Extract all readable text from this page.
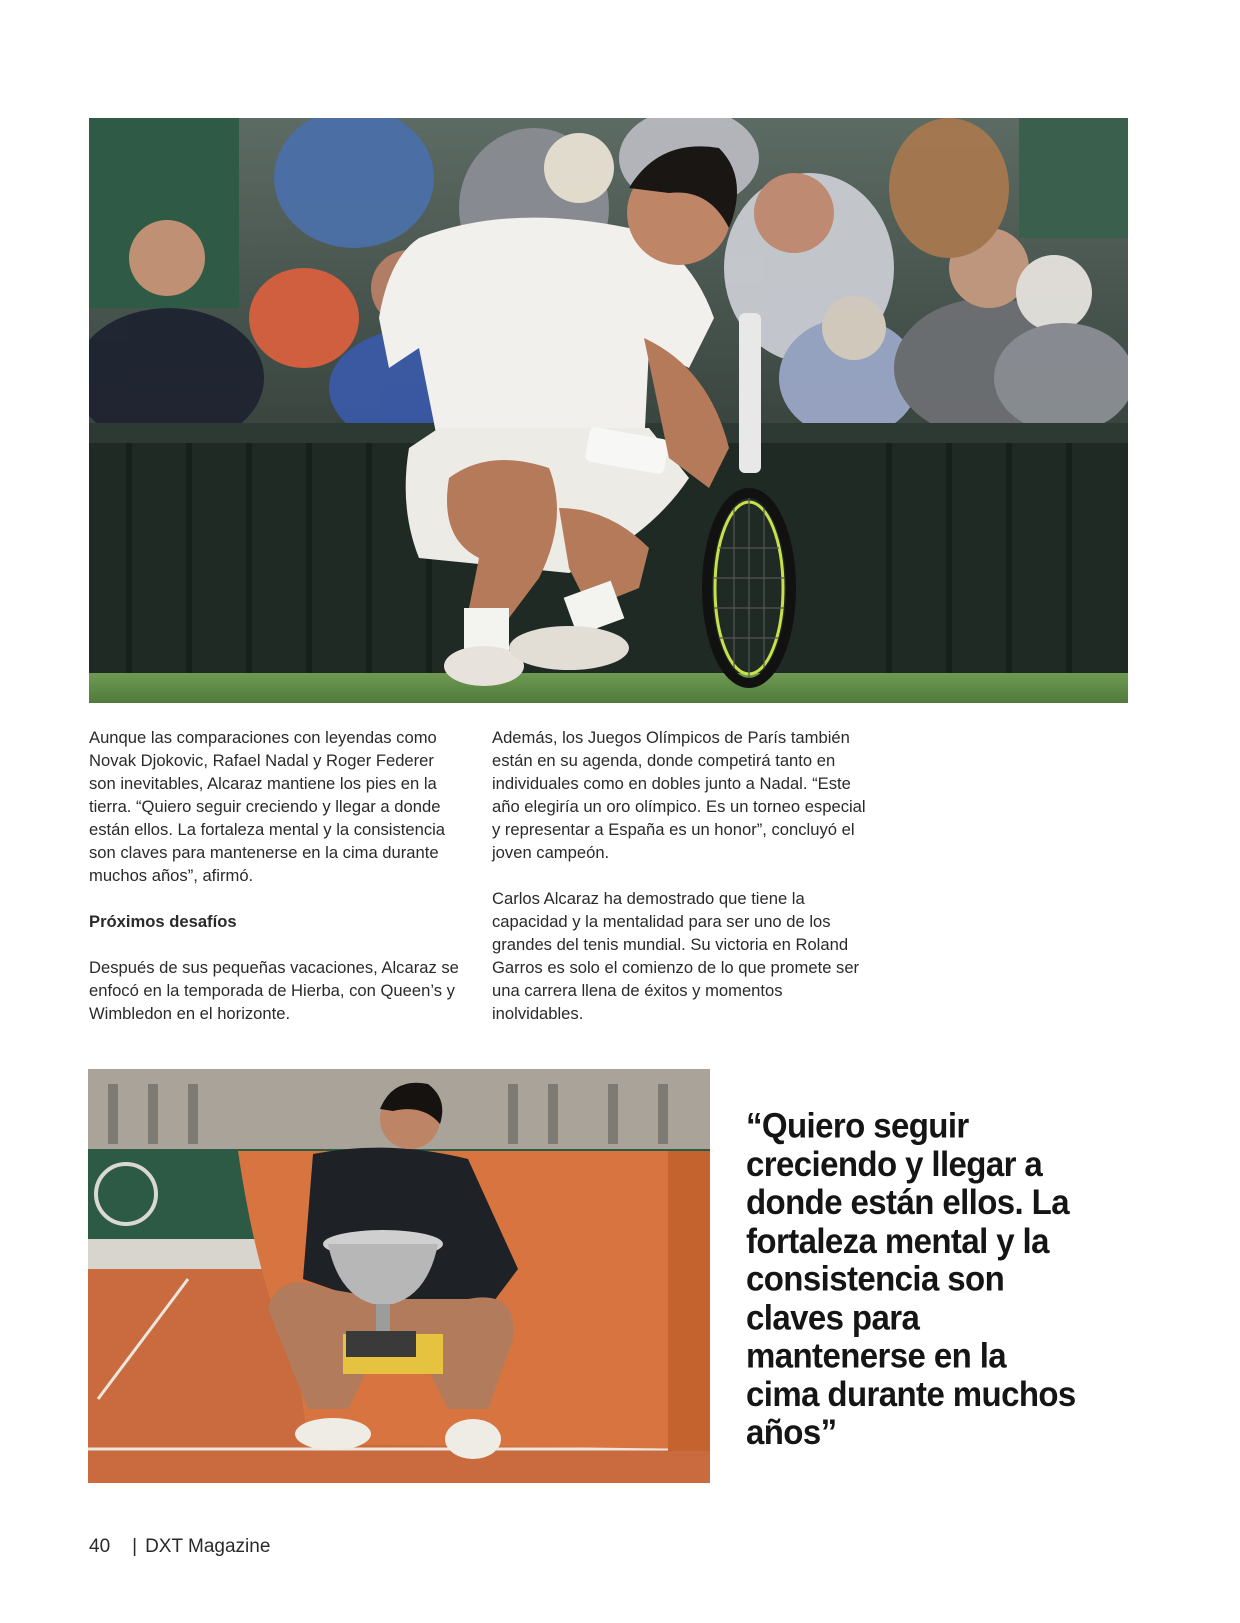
Aunque las comparaciones con leyendas como Novak Djokovic, Rafael Nadal y Roger Federer son inevitables, Alcaraz mantiene los pies en la tierra. “Quiero seguir creciendo y llegar a donde están ellos. La fortaleza mental y la consistencia son claves para mantenerse en la cima durante muchos años”, afirmó.

Próximos desafíos

Después de sus pequeñas vacaciones, Alcaraz se enfocó en la temporada de Hierba, con Queen’s y Wimbledon en el horizonte.

Además, los Juegos Olímpicos de París también están en su agenda, donde competirá tanto en individuales como en dobles junto a Nadal. “Este año elegiría un oro olímpico. Es un torneo especial y representar a España es un honor”, concluyó el joven campeón.

Carlos Alcaraz ha demostrado que tiene la capacidad y la mentalidad para ser uno de los grandes del tenis mundial. Su victoria en Roland Garros es solo el comienzo de lo que promete ser una carrera llena de éxitos y momentos inolvidables.

“Quiero seguir creciendo y llegar a donde están ellos. La fortaleza mental y la consistencia son claves para mantenerse en la cima durante muchos años”
40 | DXT Magazine
